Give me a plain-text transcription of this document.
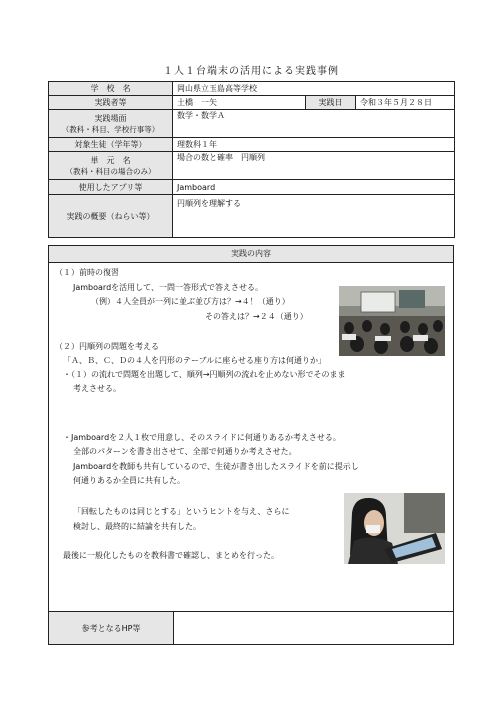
１人１台端末の活用による実践事例
学　校　名	岡山県立玉島高等学校		
実践者等	土橋　一矢	実践日	令和３年５月２８日
実践場面
（教科・科目、学校行事等）	数学・数学Ａ		
対象生徒（学年等）	理数科１年		
単　元　名
（教科・科目の場合のみ）	場合の数と確率　円順列		
使用したアプリ等	Jamboard		
実践の概要（ねらい等）	円順列を理解する		
実践の内容
（１）前時の復習
Jamboardを活用して、一問一答形式で答えさせる。
（例）４人全員が一列に並ぶ並び方は？→４！（通り）
その答えは？→２４（通り）
（２）円順列の問題を考える
「Ａ、Ｂ、Ｃ、Ｄの４人を円形のテーブルに座らせる座り方は何通りか」
・（１）の流れで問題を出題して、順列→円順列の流れを止めない形でそのまま
考えさせる。
・Jamboardを２人１枚で用意し、そのスライドに何通りあるか考えさせる。
全部のパターンを書き出させて、全部で何通りか考えさせた。
Jamboardを教師も共有しているので、生徒が書き出したスライドを前に提示し
何通りあるか全員に共有した。
「回転したものは同じとする」というヒントを与え、さらに
検討し、最終的に結論を共有した。
最後に一般化したものを教科書で確認し、まとめを行った。
参考となるHP等
